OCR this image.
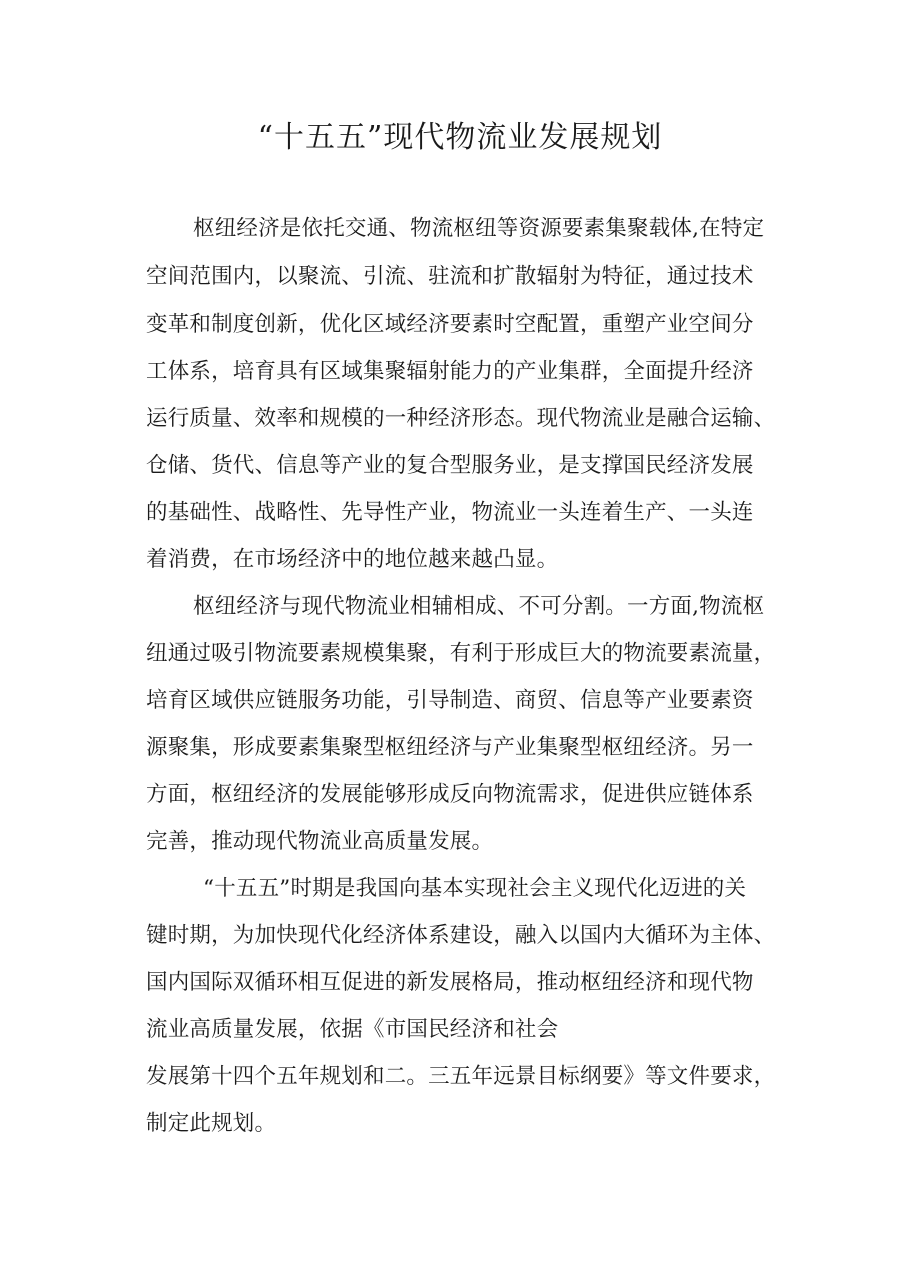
“十五五”现代物流业发展规划
枢纽经济是依托交通、物流枢纽等资源要素集聚载体,在特定
空间范围内，以聚流、引流、驻流和扩散辐射为特征，通过技术
变革和制度创新，优化区域经济要素时空配置，重塑产业空间分
工体系，培育具有区域集聚辐射能力的产业集群，全面提升经济
运行质量、效率和规模的一种经济形态。现代物流业是融合运输、
仓储、货代、信息等产业的复合型服务业，是支撑国民经济发展
的基础性、战略性、先导性产业，物流业一头连着生产、一头连
着消费，在市场经济中的地位越来越凸显。
枢纽经济与现代物流业相辅相成、不可分割。一方面,物流枢
纽通过吸引物流要素规模集聚，有利于形成巨大的物流要素流量，
培育区域供应链服务功能，引导制造、商贸、信息等产业要素资
源聚集，形成要素集聚型枢纽经济与产业集聚型枢纽经济。另一
方面，枢纽经济的发展能够形成反向物流需求，促进供应链体系
完善，推动现代物流业高质量发展。
“十五五”时期是我国向基本实现社会主义现代化迈进的关
键时期，为加快现代化经济体系建设，融入以国内大循环为主体、
国内国际双循环相互促进的新发展格局，推动枢纽经济和现代物
流业高质量发展，依据《市国民经济和社会
发展第十四个五年规划和二。三五年远景目标纲要》等文件要求，
制定此规划。
